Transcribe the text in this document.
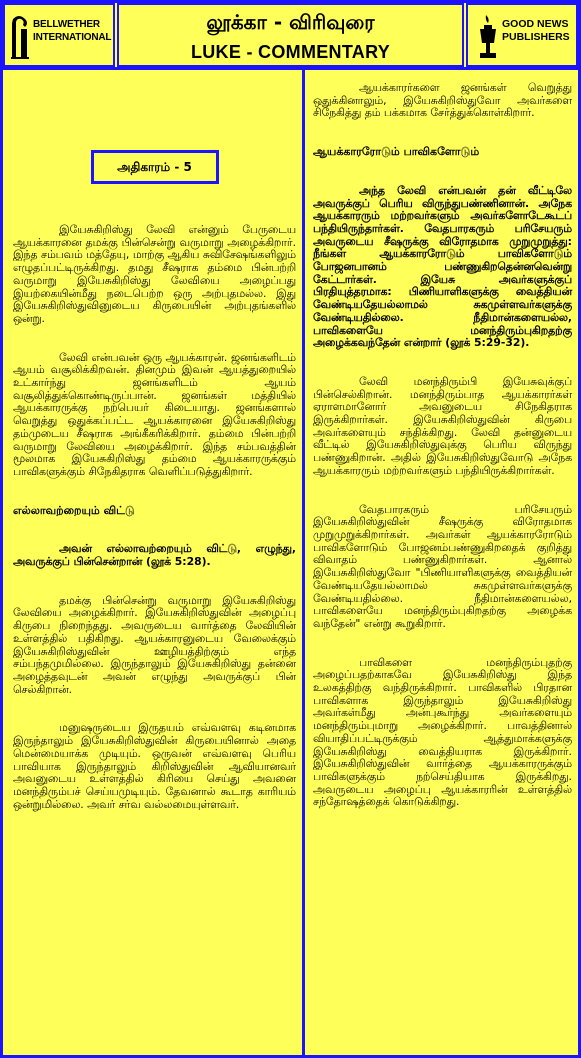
BELLWETHER
INTERNATIONAL
லூக்கா - விரிவுரை
LUKE - COMMENTARY
GOOD NEWS
PUBLISHERS
அதிகாரம் - 5

இயேசுகிறிஸ்து லேவி என்னும் பேருடைய ஆயக்காரனை தமக்கு பின்சென்று வருமாறு அழைக்கிறார். இந்த சம்பவம் மத்தேயு, மாற்கு ஆகிய சுவிசேஷங்களிலும் எழுதப்பட்டிருக்கிறது. தமது சீஷராக தம்மை பின்பற்றி வருமாறு இயேசுகிறிஸ்து லேவியை அழைப்பது இயற்கையின்மீது நடைபெற்ற ஒரு அற்புதமல்ல. இது இயேசுகிறிஸ்துவினுடைய கிருபையின் அற்புதங்களில் ஒன்று.

லேவி என்பவன் ஒரு ஆயக்காரன். ஜனங்களிடம் ஆயம் வசூலிக்கிறவன். தினமும் இவன் ஆயத்துறையில் உட்கார்ந்து ஜனங்களிடம் ஆயம் வசூலித்துக்கொண்டிருப்பான். ஜனங்கள் மத்தியில் ஆயக்காரருக்கு நற்பெயர் கிடையாது. ஜனங்களால் வெறுத்து ஒதுக்கப்பட்ட ஆயக்காரனை இயேசுகிறிஸ்து தம்முடைய சீஷராக அங்கீகரிக்கிறார். தம்மை பின்பற்றி வருமாறு லேவியை அழைக்கிறார். இந்த சம்பவத்தின் மூலமாக இயேசுகிறிஸ்து தம்மை ஆயக்காரருக்கும் பாவிகளுக்கும் சிநேகிதராக வெளிப்படுத்துகிறார்.

எல்லாவற்றையும் விட்டு

அவன் எல்லாவற்றையும் விட்டு, எழுந்து, அவருக்குப் பின்சென்றான் (லூக் 5:28).

தமக்கு பின்சென்று வருமாறு இயேசுகிறிஸ்து லேவியை அழைக்கிறார். இயேசுகிறிஸ்துவின் அழைப்பு கிருபை நிறைந்தது. அவருடைய வார்த்தை லேவியின் உள்ளத்தில் பதிகிறது. ஆயக்காரனுடைய வேலைக்கும் இயேசுகிறிஸ்துவின் ஊழியத்திற்கும் எந்த சம்பந்தமுமில்லை. இருந்தாலும் இயேசுகிறிஸ்து தன்னை அழைத்தவுடன் அவன் எழுந்து அவருக்குப் பின் செல்கிறான்.

மனுஷருடைய இருதயம் எவ்வளவு கடினமாக இருந்தாலும் இயேசுகிறிஸ்துவின் கிருபையினால் அதை மென்மையாக்க முடியும். ஒருவன் எவ்வளவு பெரிய பாவியாக இருந்தாலும் கிறிஸ்துவின் ஆவியானவர் அவனுடைய உள்ளத்தில் கிரியை செய்து அவனை மனந்திரும்பச் செய்யமுடியும். தேவனால் கூடாத காரியம் ஒன்றுமில்லை. அவர் சர்வ வல்லமையுள்ளவர்.

ஆயக்காரர்களை ஜனங்கள் வெறுத்து ஒதுக்கினாலும், இயேசுகிறிஸ்துவோ அவர்களை சிநேகித்து தம் பக்கமாக சேர்த்துக்கொள்கிறார்.

ஆயக்காரரோடும் பாவிகளோடும்

அந்த லேவி என்பவன் தன் வீட்டிலே அவருக்குப் பெரிய விருந்துபண்ணினான். அநேக ஆயக்காரரும் மற்றவர்களும் அவர்களோடேகூடப் பந்தியிருந்தார்கள். வேதபாரகரும் பரிசேயரும் அவருடைய சீஷருக்கு விரோதமாக முறுமுறுத்து: நீங்கள் ஆயக்காரரோடும் பாவிகளோடும் போஜனபானம் பண்ணுகிறதென்னவென்று கேட்டார்கள். இயேசு அவர்களுக்குப் பிரதியுத்தரமாக: பிணியாளிகளுக்கு வைத்தியன் வேண்டியதேயல்லாமல் சுகமுள்ளவர்களுக்கு வேண்டியதில்லை. நீதிமான்களையல்ல, பாவிகளையே மனந்திரும்புகிறதற்கு அழைக்கவந்தேன் என்றார் (லூக் 5:29-32).

லேவி மனந்திரும்பி இயேசுவுக்குப் பின்செல்கிறான். மனந்திரும்பாத ஆயக்காரர்கள் ஏராளமானோர் அவனுடைய சிநேகிதராக இருக்கிறார்கள். இயேசுகிறிஸ்துவின் கிருபை அவர்களையும் சந்திக்கிறது. லேவி தன்னுடைய வீட்டில் இயேசுகிறிஸ்துவுக்கு பெரிய விருந்து பண்ணுகிறான். அதில் இயேசுகிறிஸ்துவோடு அநேக ஆயக்காரரும் மற்றவர்களும் பந்தியிருக்கிறார்கள்.

வேதபாரகரும் பரிசேயரும் இயேசுகிறிஸ்துவின் சீஷருக்கு விரோதமாக முறுமுறுக்கிறார்கள். அவர்கள் ஆயக்காரரோடும் பாவிகளோடும் போஜனம்பண்ணுகிறதைக் குறித்து விவாதம் பண்ணுகிறார்கள். ஆனால் இயேசுகிறிஸ்துவோ "பிணியாளிகளுக்கு வைத்தியன் வேண்டியதேயல்லாமல் சுகமுள்ளவர்களுக்கு வேண்டியதில்லை. நீதிமான்களையல்ல, பாவிகளையே மனந்திரும்புகிறதற்கு அழைக்க வந்தேன்" என்று கூறுகிறார்.

பாவிகளை மனந்திரும்புதற்கு அழைப்பதற்காகவே இயேசுகிறிஸ்து இந்த உலகத்திற்கு வந்திருக்கிறார். பாவிகளில் பிரதான பாவிகளாக இருந்தாலும் இயேசுகிறிஸ்து அவர்கள்மீது அன்புகூர்ந்து அவர்களையும் மனந்திரும்புமாறு அழைக்கிறார். பாவத்தினால் வியாதிப்பட்டிருக்கும் ஆத்துமாக்களுக்கு இயேசுகிறிஸ்து வைத்தியராக இருக்கிறார். இயேசுகிறிஸ்துவின் வார்த்தை ஆயக்காரருக்கும் பாவிகளுக்கும் நற்செய்தியாக இருக்கிறது. அவருடைய அழைப்பு ஆயக்காரரின் உள்ளத்தில் சந்தோஷத்தைக் கொடுக்கிறது.
